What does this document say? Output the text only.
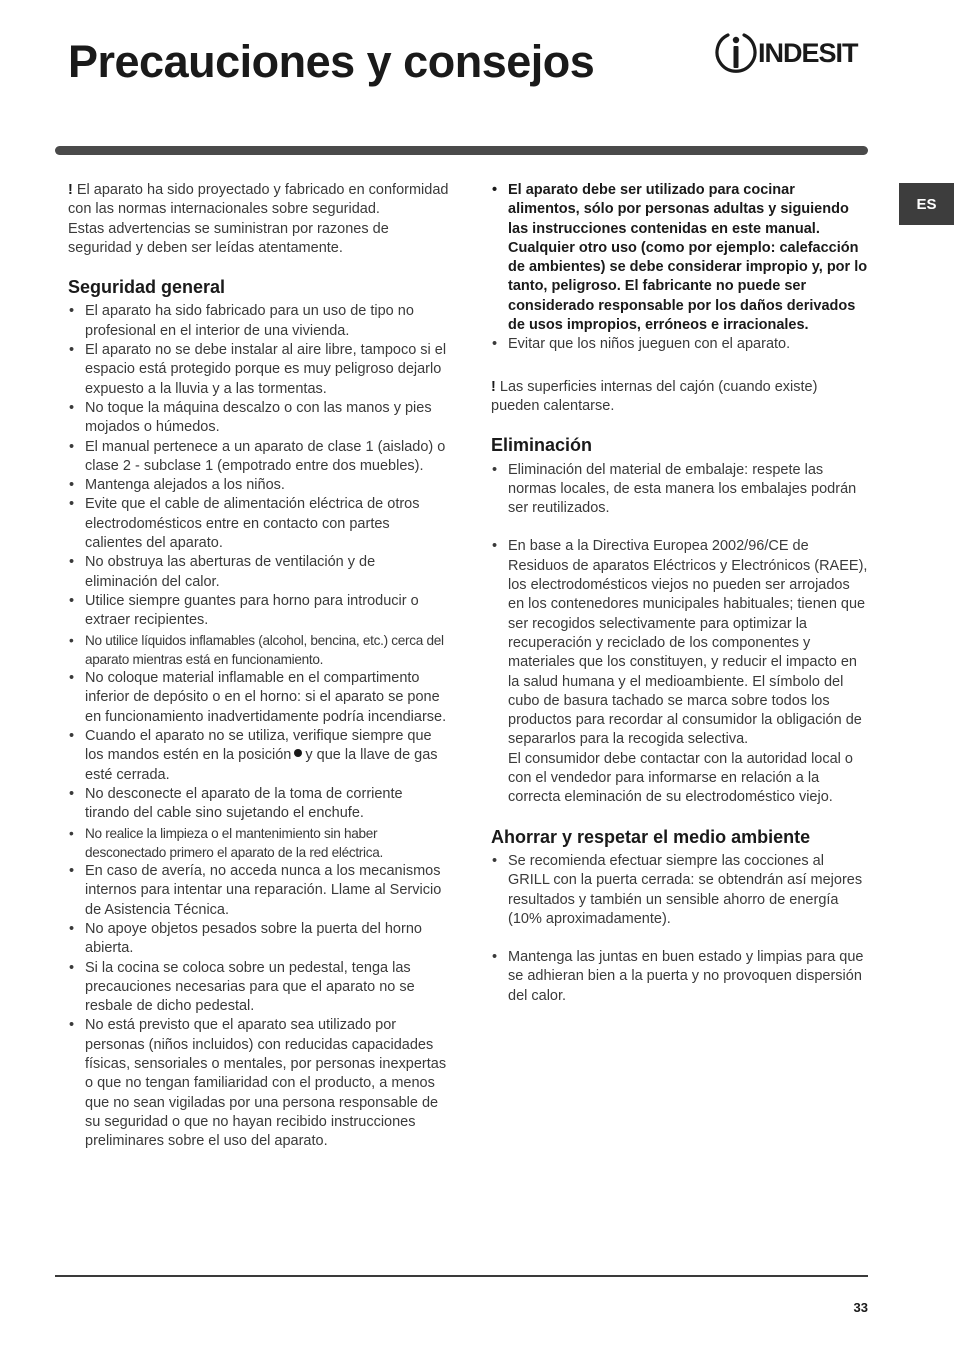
Precauciones y consejos	INDESIT
ES

! El aparato ha sido proyectado y fabricado en conformidad con las normas internacionales sobre seguridad.

Estas advertencias se suministran por razones de seguridad y deben ser leídas atentamente.

Seguridad general
• El aparato ha sido fabricado para un uso de tipo no profesional en el interior de una vivienda.
• El aparato no se debe instalar al aire libre, tampoco si el espacio está protegido porque es muy peligroso dejarlo expuesto a la lluvia y a las tormentas.
• No toque la máquina descalzo o con las manos y pies mojados o húmedos.
• El manual pertenece a un aparato de clase 1 (aislado) o clase 2 - subclase 1 (empotrado entre dos muebles).
• Mantenga alejados a los niños.
• Evite que el cable de alimentación eléctrica de otros electrodomésticos entre en contacto con partes calientes del aparato.
• No obstruya las aberturas de ventilación y de eliminación del calor.
• Utilice siempre guantes para horno para introducir o extraer recipientes.
• No utilice líquidos inflamables (alcohol, bencina, etc.) cerca del aparato mientras está en funcionamiento.
• No coloque material inflamable en el compartimento inferior de depósito o en el horno: si el aparato se pone en funcionamiento inadvertidamente podría incendiarse.
• Cuando el aparato no se utiliza, verifique siempre que los mandos estén en la posición y que la llave de gas esté cerrada.
• No desconecte el aparato de la toma de corriente tirando del cable sino sujetando el enchufe.
• No realice la limpieza o el mantenimiento sin haber desconectado primero el aparato de la red eléctrica.
• En caso de avería, no acceda nunca a los mecanismos internos para intentar una reparación. Llame al Servicio de Asistencia Técnica.
• No apoye objetos pesados sobre la puerta del horno abierta.
• Si la cocina se coloca sobre un pedestal, tenga las precauciones necesarias para que el aparato no se resbale de dicho pedestal.
• No está previsto que el aparato sea utilizado por personas (niños incluidos) con reducidas capacidades físicas, sensoriales o mentales, por personas inexpertas o que no tengan familiaridad con el producto, a menos que no sean vigiladas por una persona responsable de su seguridad o que no hayan recibido instrucciones preliminares sobre el uso del aparato.
• El aparato debe ser utilizado para cocinar alimentos, sólo por personas adultas y siguiendo las instrucciones contenidas en este manual. Cualquier otro uso (como por ejemplo: calefacción de ambientes) se debe considerar impropio y, por lo tanto, peligroso. El fabricante no puede ser considerado responsable por los daños derivados de usos impropios, erróneos e irracionales.
• Evitar que los niños jueguen con el aparato.

! Las superficies internas del cajón (cuando existe) pueden calentarse.

Eliminación
• Eliminación del material de embalaje: respete las normas locales, de esta manera los embalajes podrán ser reutilizados.
• En base a la Directiva Europea 2002/96/CE de Residuos de aparatos Eléctricos y Electrónicos (RAEE), los electrodomésticos viejos no pueden ser arrojados en los contenedores municipales habituales; tienen que ser recogidos selectivamente para optimizar la recuperación y reciclado de los componentes y materiales que los constituyen, y reducir el impacto en la salud humana y el medioambiente. El símbolo del cubo de basura tachado se marca sobre todos los productos para recordar al consumidor la obligación de separarlos para la recogida selectiva.
El consumidor debe contactar con la autoridad local o con el vendedor para informarse en relación a la correcta eleminación de su electrodoméstico viejo.
Ahorrar y respetar el medio ambiente
• Se recomienda efectuar siempre las cocciones al GRILL con la puerta cerrada: se obtendrán así mejores resultados y también un sensible ahorro de energía (10% aproximadamente).
• Mantenga las juntas en buen estado y limpias para que se adhieran bien a la puerta y no provoquen dispersión del calor.
33
